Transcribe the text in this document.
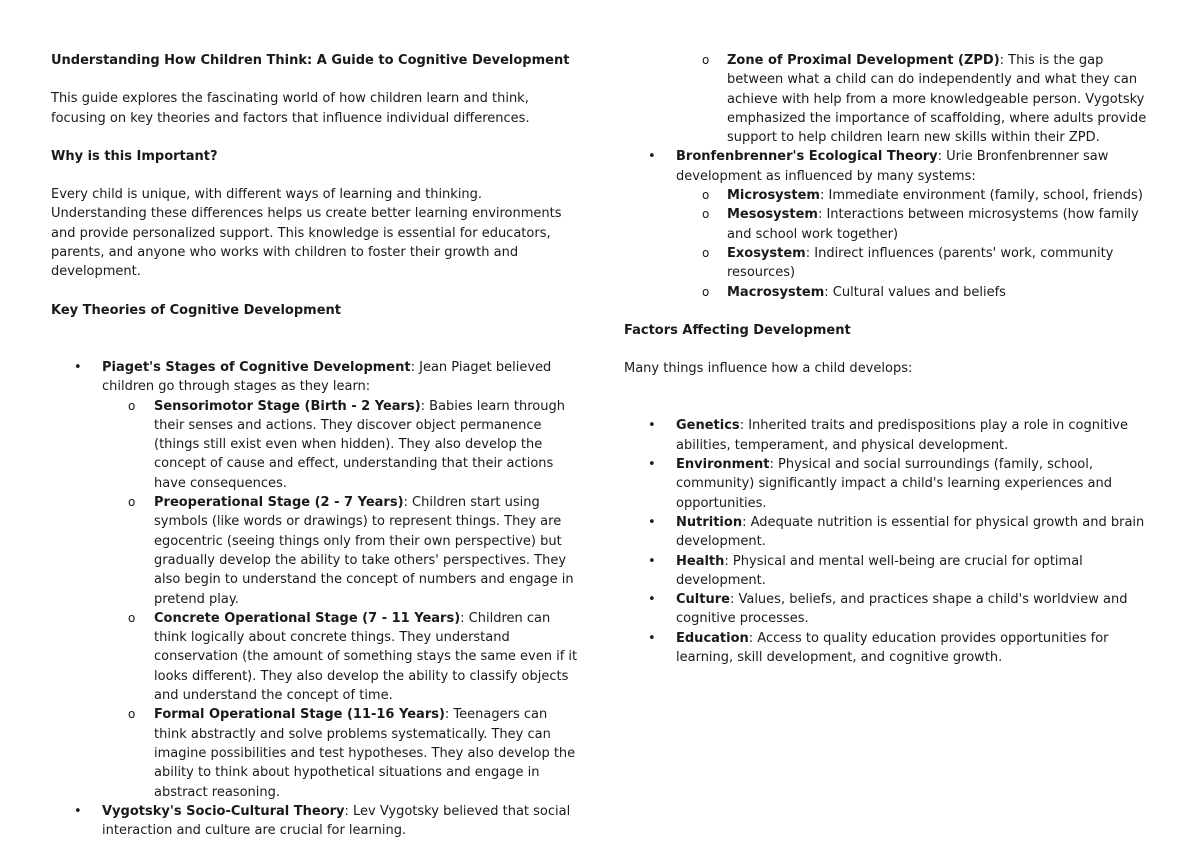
Understanding How Children Think: A Guide to Cognitive Development

This guide explores the fascinating world of how children learn and think, focusing on key theories and factors that influence individual differences.

Why is this Important?

Every child is unique, with different ways of learning and thinking. Understanding these differences helps us create better learning environments and provide personalized support. This knowledge is essential for educators, parents, and anyone who works with children to foster their growth and development.

Key Theories of Cognitive Development
• Piaget's Stages of Cognitive Development: Jean Piaget believed children go through stages as they learn:
o Sensorimotor Stage (Birth - 2 Years): Babies learn through their senses and actions. They discover object permanence (things still exist even when hidden). They also develop the concept of cause and effect, understanding that their actions have consequences.
o Preoperational Stage (2 - 7 Years): Children start using symbols (like words or drawings) to represent things. They are egocentric (seeing things only from their own perspective) but gradually develop the ability to take others' perspectives. They also begin to understand the concept of numbers and engage in pretend play.
o Concrete Operational Stage (7 - 11 Years): Children can think logically about concrete things. They understand conservation (the amount of something stays the same even if it looks different). They also develop the ability to classify objects and understand the concept of time.
o Formal Operational Stage (11-16 Years): Teenagers can think abstractly and solve problems systematically. They can imagine possibilities and test hypotheses. They also develop the ability to think about hypothetical situations and engage in abstract reasoning.
• Vygotsky's Socio-Cultural Theory: Lev Vygotsky believed that social interaction and culture are crucial for learning.
o Zone of Proximal Development (ZPD): This is the gap between what a child can do independently and what they can achieve with help from a more knowledgeable person. Vygotsky emphasized the importance of scaffolding, where adults provide support to help children learn new skills within their ZPD.
• Bronfenbrenner's Ecological Theory: Urie Bronfenbrenner saw development as influenced by many systems:
o Microsystem: Immediate environment (family, school, friends)
o Mesosystem: Interactions between microsystems (how family and school work together)
o Exosystem: Indirect influences (parents' work, community resources)
o Macrosystem: Cultural values and beliefs
Factors Affecting Development

Many things influence how a child develops:

• Genetics: Inherited traits and predispositions play a role in cognitive abilities, temperament, and physical development.
• Environment: Physical and social surroundings (family, school, community) significantly impact a child's learning experiences and opportunities.
• Nutrition: Adequate nutrition is essential for physical growth and brain development.
• Health: Physical and mental well-being are crucial for optimal development.
• Culture: Values, beliefs, and practices shape a child's worldview and cognitive processes.
• Education: Access to quality education provides opportunities for learning, skill development, and cognitive growth.
